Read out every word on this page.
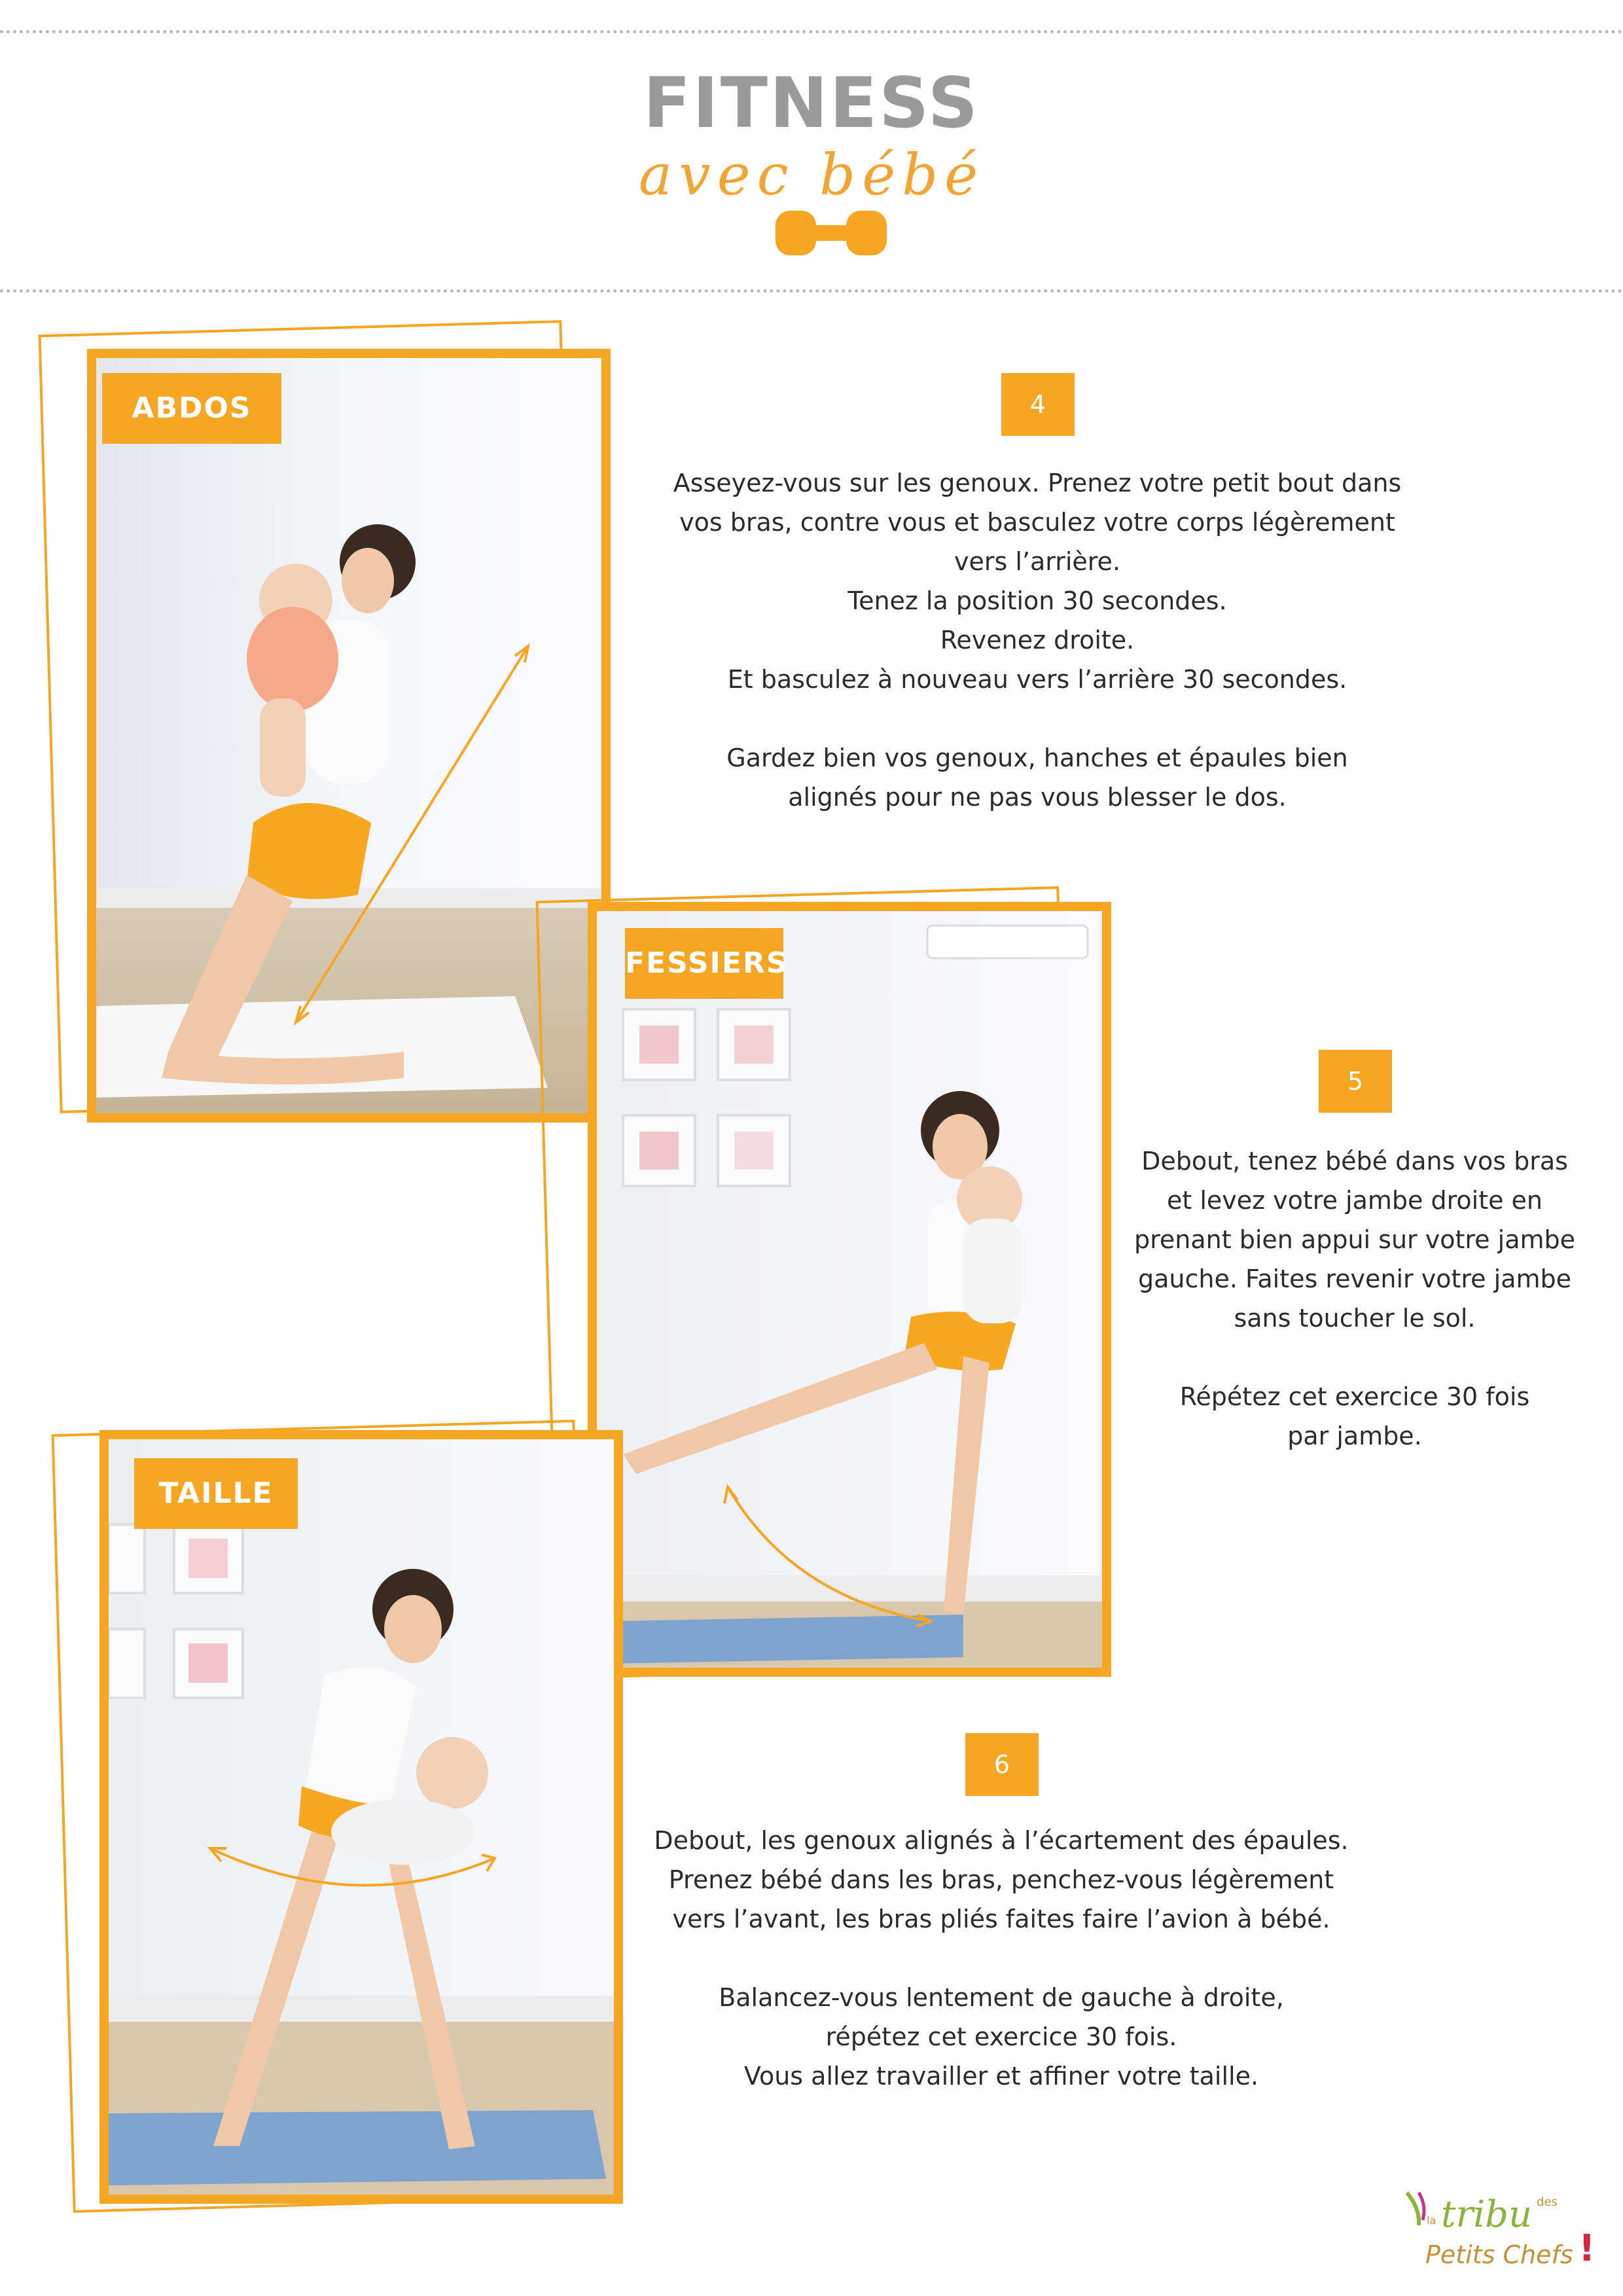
FITNESS
avec bébé
ABDOS	4

Asseyez-vous sur les genoux. Prenez votre petit bout dans

vos bras, contre vous et basculez votre corps légèrement

vers l’arrière.

Tenez la position 30 secondes.

Revenez droite.

Et basculez à nouveau vers l’arrière 30 secondes.

Gardez bien vos genoux, hanches et épaules bien

alignés pour ne pas vous blesser le dos.

FESSIERS
5

Debout, tenez bébé dans vos bras

et levez votre jambe droite en

prenant bien appui sur votre jambe

gauche. Faites revenir votre jambe

sans toucher le sol.

Répétez cet exercice 30 fois

par jambe.

TAILLE
6

Debout, les genoux alignés à l’écartement des épaules.

Prenez bébé dans les bras, penchez-vous légèrement

vers l’avant, les bras pliés faites faire l’avion à bébé.

Balancez-vous lentement de gauche à droite,

répétez cet exercice 30 fois.

Vous allez travailler et affiner votre taille.

la tribu des
Petits Chefs !
